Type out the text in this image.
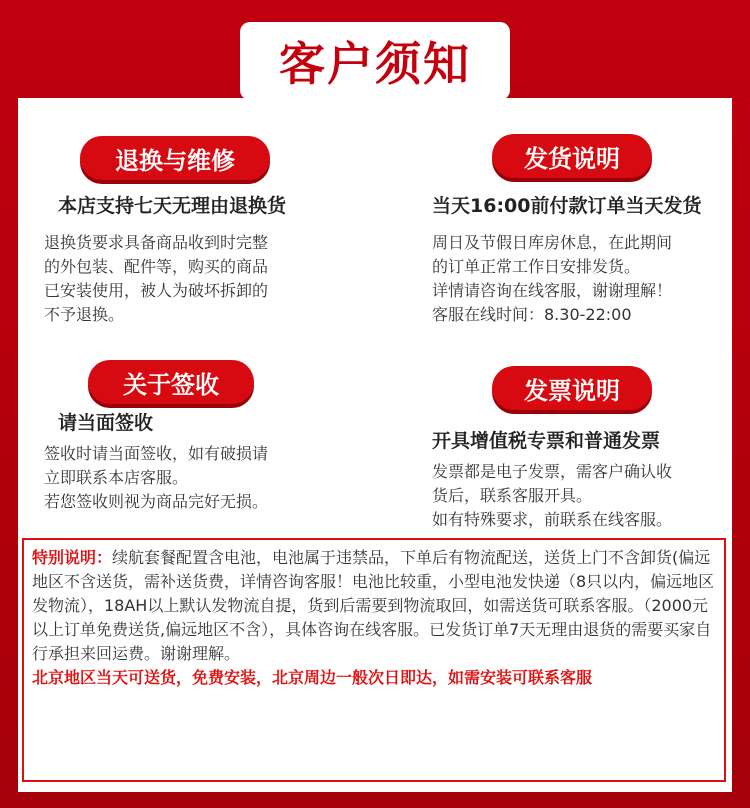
客户须知
退换与维修
本店支持七天无理由退换货

退换货要求具备商品收到时完整

的外包装、配件等，购买的商品

已安装使用，被人为破坏拆卸的

不予退换。

发货说明
当天16:00前付款订单当天发货

周日及节假日库房休息，在此期间

的订单正常工作日安排发货。

详情请咨询在线客服，谢谢理解！

客服在线时间：8.30-22:00

关于签收
请当面签收

签收时请当面签收，如有破损请

立即联系本店客服。

若您签收则视为商品完好无损。

发票说明
开具增值税专票和普通发票

发票都是电子发票，需客户确认收

货后，联系客服开具。

如有特殊要求，前联系在线客服。

特别说明：续航套餐配置含电池，电池属于违禁品，下单后有物流配送，送货上门不含卸货(偏远地区不含送货，需补送货费，详情咨询客服！电池比较重，小型电池发快递（8只以内，偏远地区发物流），18AH以上默认发物流自提，货到后需要到物流取回，如需送货可联系客服。（2000元以上订单免费送货,偏远地区不含），具体咨询在线客服。已发货订单7天无理由退货的需要买家自行承担来回运费。谢谢理解。
北京地区当天可送货，免费安装，北京周边一般次日即达，如需安装可联系客服
